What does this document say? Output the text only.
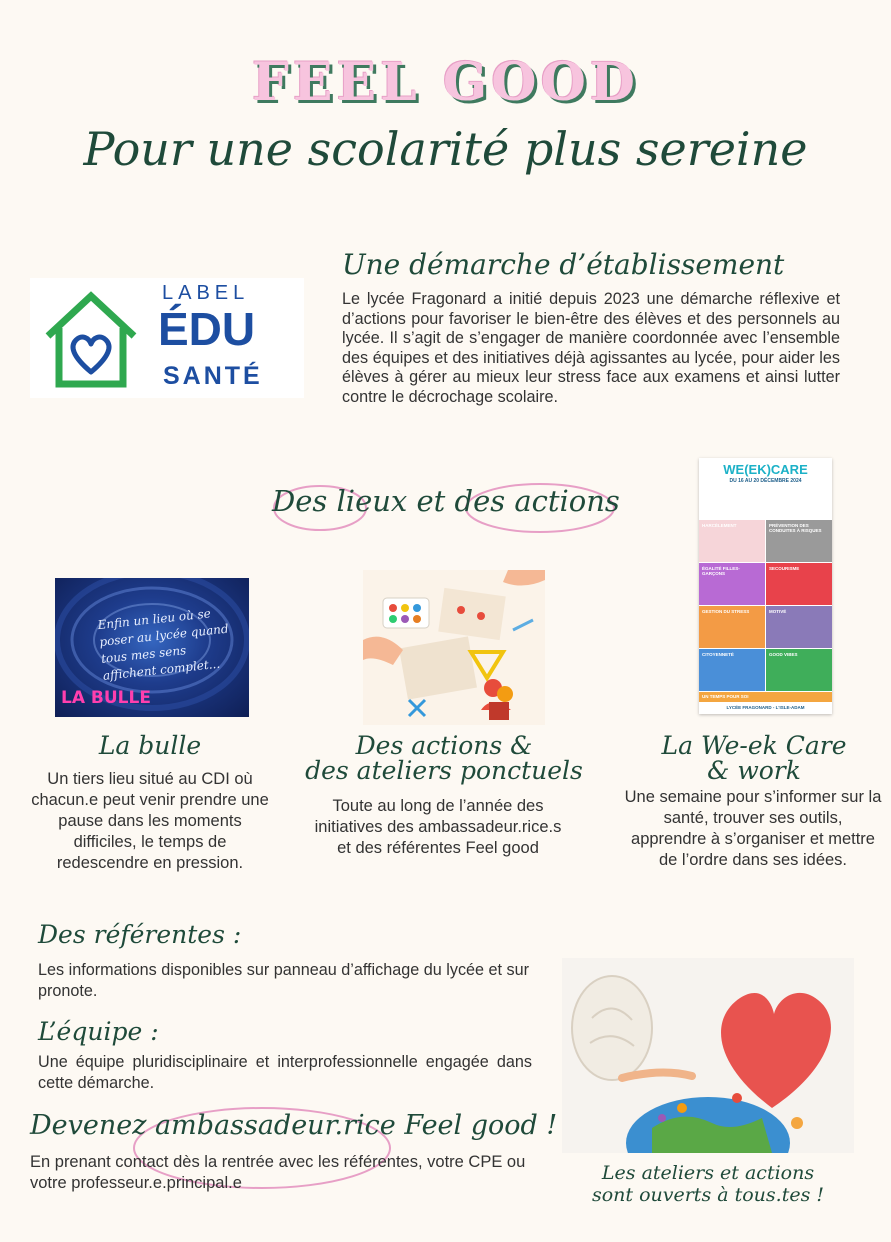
FEEL GOOD
Pour une scolarité plus sereine
LABEL
ÉDU
SANTÉ
Une démarche d’établissement
Le lycée Fragonard a initié depuis 2023 une démarche réflexive et d’actions pour favoriser le bien-être des élèves et des personnels au lycée. Il s’agit de s’engager de manière coordonnée avec l’ensemble des équipes et des initiatives déjà agissantes au lycée, pour aider les élèves à gérer au mieux leur stress face aux examens et ainsi lutter contre le décrochage scolaire.
Des lieux et des actions
Enfin un lieu où se poser au lycée quand tous mes sens affichent complet...
LA BULLE
WE(EK)CARE
DU 16 AU 20 DÉCEMBRE 2024
HARCÈLEMENT	PRÉVENTION DES CONDUITES À RISQUES
ÉGALITÉ FILLES-GARÇONS
SECOURISME
GESTION DU STRESS	MOTIVÉ
CITOYENNETÉ	GOOD VIBES
UN TEMPS POUR SOI
LYCÉE FRAGONARD - L'ISLE-ADAM
La bulle
Un tiers lieu situé au CDI où chacun.e peut venir prendre une pause dans les moments difficiles, le temps de redescendre en pression.
Des actions &
des ateliers ponctuels
Toute au long de l’année des initiatives des ambassadeur.rice.s et des référentes Feel good
La We-ek Care
& work
Une semaine pour s’informer sur la santé, trouver ses outils, apprendre à s’organiser et mettre de l’ordre dans ses idées.
Des référentes :
Les informations disponibles sur panneau d’affichage du lycée et sur pronote.
L’équipe :
Une équipe pluridisciplinaire et interprofessionnelle engagée dans cette démarche.
Devenez ambassadeur.rice Feel good !
En prenant contact dès la rentrée avec les référentes, votre CPE ou votre professeur.e.principal.e	Les ateliers et actions
sont ouverts à tous.tes !
